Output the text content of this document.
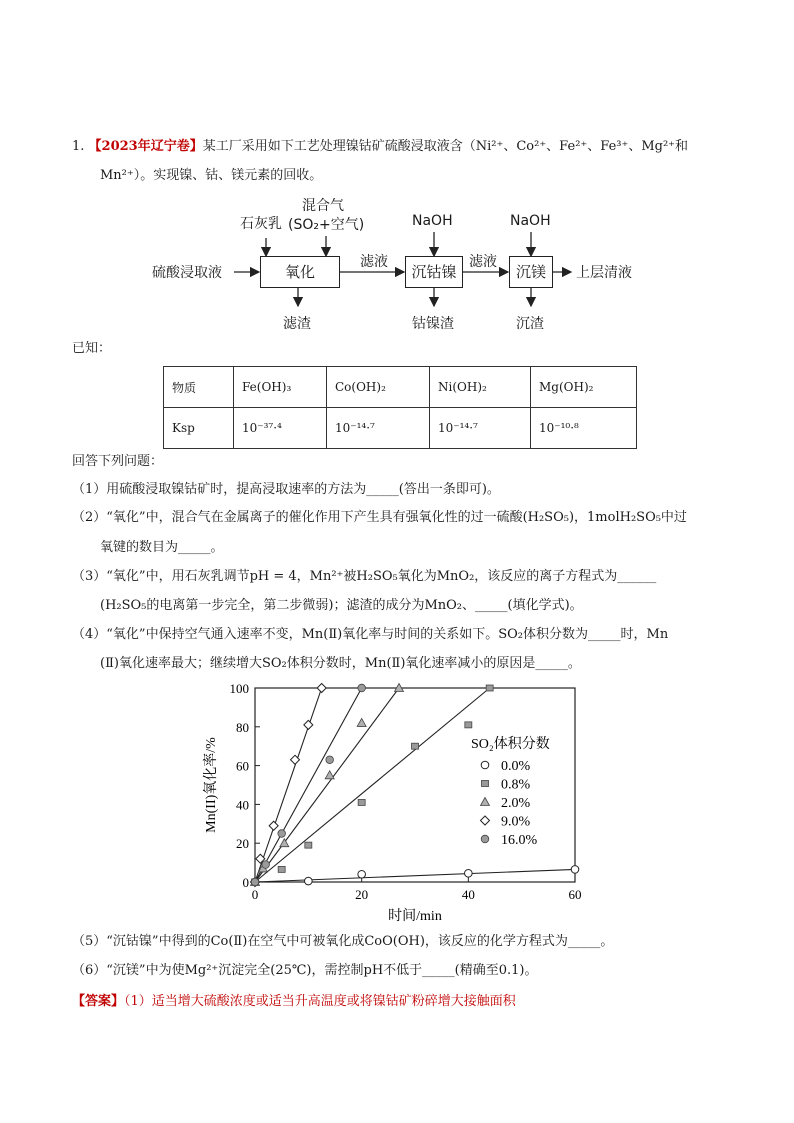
1. 【2023年辽宁卷】某工厂采用如下工艺处理镍钴矿硫酸浸取液含（Ni²⁺、Co²⁺、Fe²⁺、Fe³⁺、Mg²⁺和
Mn²⁺）。实现镍、钴、镁元素的回收。
硫酸浸取液
石灰乳
混合气
(SO₂+空气)
氧化
滤液
滤渣
NaOH
沉钴镍
钴镍渣
滤液
NaOH
沉镁
沉渣
上层清液
已知：
物质	Fe(OH)₃	Co(OH)₂	Ni(OH)₂	Mg(OH)₂
Ksp	10⁻³⁷·⁴	10⁻¹⁴·⁷	10⁻¹⁴·⁷	10⁻¹⁰·⁸
回答下列问题：
（1）用硫酸浸取镍钴矿时，提高浸取速率的方法为_____(答出一条即可)。
（2）“氧化”中，混合气在金属离子的催化作用下产生具有强氧化性的过一硫酸(H₂SO₅)，1molH₂SO₅中过
氧键的数目为_____。
（3）“氧化”中，用石灰乳调节pH = 4，Mn²⁺被H₂SO₅氧化为MnO₂，该反应的离子方程式为______
(H₂SO₅的电离第一步完全，第二步微弱)；滤渣的成分为MnO₂、_____(填化学式)。
（4）“氧化”中保持空气通入速率不变，Mn(Ⅱ)氧化率与时间的关系如下。SO₂体积分数为_____时，Mn
(Ⅱ)氧化速率最大；继续增大SO₂体积分数时，Mn(Ⅱ)氧化速率减小的原因是_____。
0	20	40	60
0
20
40
60
80
100
0.0%
0.8%
2.0%
9.0%
16.0%
时间/min
Mn(II)氧化率/%	SO₂体积分数
（5）“沉钴镍”中得到的Co(Ⅱ)在空气中可被氧化成CoO(OH)，该反应的化学方程式为_____。
（6）“沉镁”中为使Mg²⁺沉淀完全(25℃)，需控制pH不低于_____(精确至0.1)。
【答案】（1）适当增大硫酸浓度或适当升高温度或将镍钴矿粉碎增大接触面积
